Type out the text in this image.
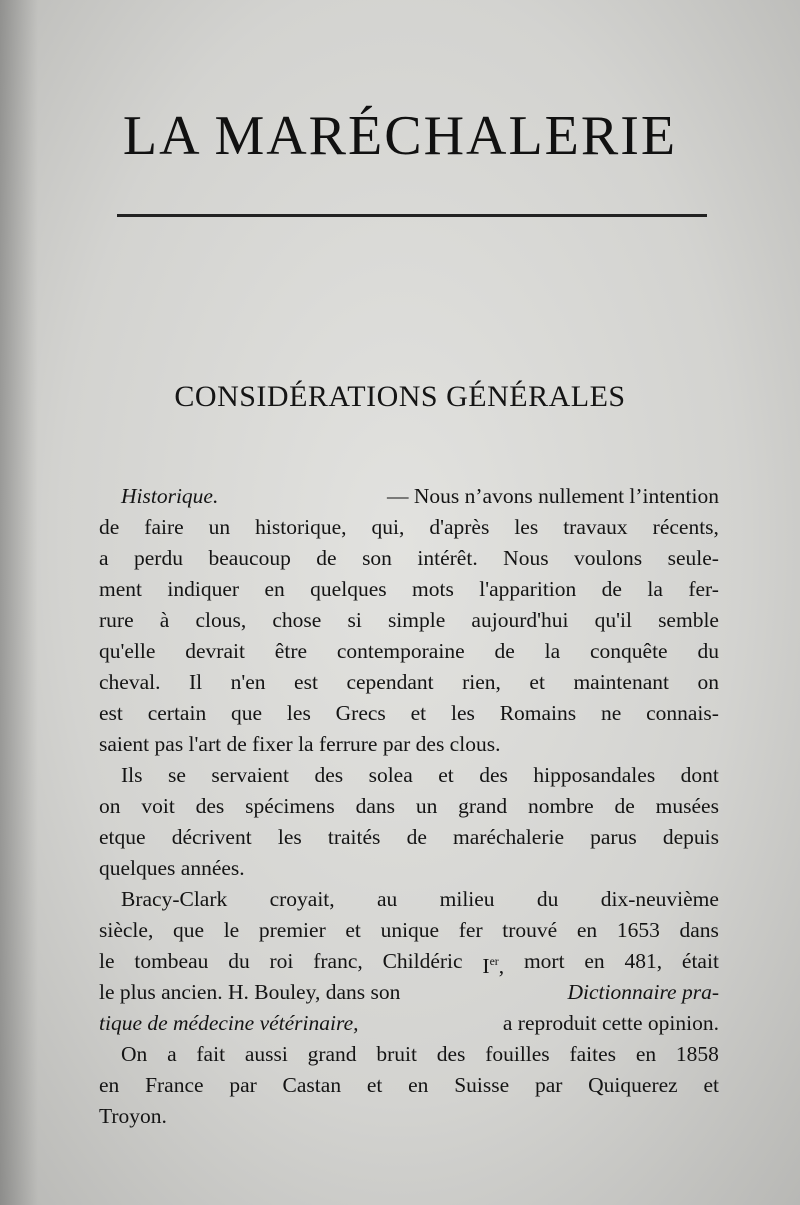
LA MARÉCHALERIE
CONSIDÉRATIONS GÉNÉRALES
Historique.	— Nous n’avons nullement l’intention
de faire un historique, qui, d'après les travaux récents,
a perdu beaucoup de son intérêt. Nous voulons seule-
ment indiquer en quelques mots l'apparition de la fer-
rure à clous, chose si simple aujourd'hui qu'il semble
qu'elle devrait être contemporaine de la conquête du
cheval. Il n'en est cependant rien, et maintenant on
est certain que les Grecs et les Romains ne connais-
saient pas l'art de fixer la ferrure par des clous.
Ils se servaient des solea et des hipposandales dont
on voit des spécimens dans un grand nombre de musées
etque décrivent les traités de maréchalerie parus depuis
quelques années.
Bracy-Clark croyait, au milieu du dix-neuvième
siècle, que le premier et unique fer trouvé en 1653 dans
le tombeau du roi franc, Childéric Ier, mort en 481, était
le plus ancien. H. Bouley, dans son	Dictionnaire pra-
tique de médecine vétérinaire,	a reproduit cette opinion.
On a fait aussi grand bruit des fouilles faites en 1858
en France par Castan et en Suisse par Quiquerez et
Troyon.
